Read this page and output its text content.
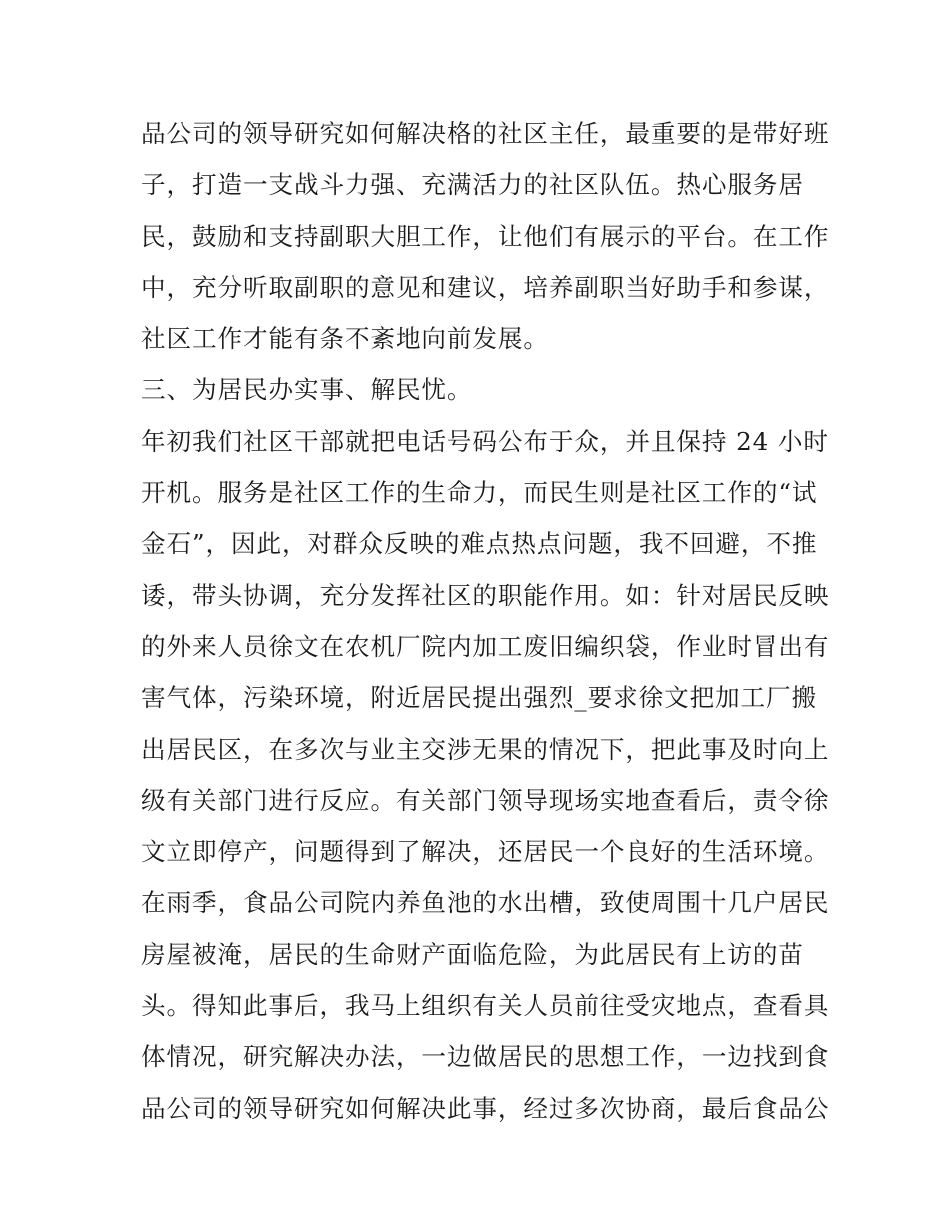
品公司的领导研究如何解决格的社区主任，最重要的是带好班
子，打造一支战斗力强、充满活力的社区队伍。热心服务居
民，鼓励和支持副职大胆工作，让他们有展示的平台。在工作
中，充分听取副职的意见和建议，培养副职当好助手和参谋，
社区工作才能有条不紊地向前发展。
三、为居民办实事、解民忧。
年初我们社区干部就把电话号码公布于众，并且保持 24 小时
开机。服务是社区工作的生命力，而民生则是社区工作的“试
金石”，因此，对群众反映的难点热点问题，我不回避，不推
诿，带头协调，充分发挥社区的职能作用。如：针对居民反映
的外来人员徐文在农机厂院内加工废旧编织袋，作业时冒出有
害气体，污染环境，附近居民提出强烈_要求徐文把加工厂搬
出居民区，在多次与业主交涉无果的情况下，把此事及时向上
级有关部门进行反应。有关部门领导现场实地查看后，责令徐
文立即停产，问题得到了解决，还居民一个良好的生活环境。
在雨季，食品公司院内养鱼池的水出槽，致使周围十几户居民
房屋被淹，居民的生命财产面临危险，为此居民有上访的苗
头。得知此事后，我马上组织有关人员前往受灾地点，查看具
体情况，研究解决办法，一边做居民的思想工作，一边找到食
品公司的领导研究如何解决此事，经过多次协商，最后食品公
